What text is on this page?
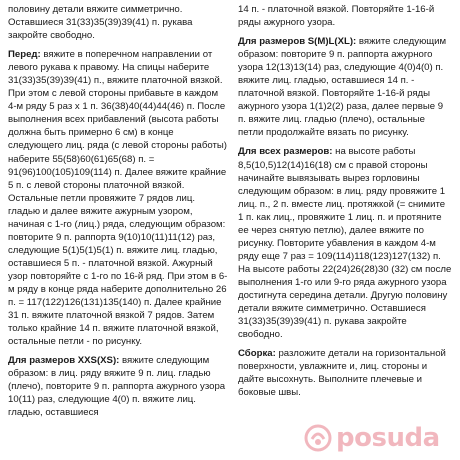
половину детали вяжите симметрично. Оставшиеся 31(33)35(39)39(41) п. рукава закройте свободно.

Перед: вяжите в поперечном направлении от левого рукава к правому. На спицы наберите 31(33)35(39)39(41) п., вяжите платочной вязкой. При этом с левой стороны прибавьте в каждом 4-м ряду 5 раз х 1 п. 36(38)40(44)44(46) п. После выполнения всех прибавлений (высота работы должна быть примерно 6 см) в конце следующего лиц. ряда (с левой стороны работы) наберите 55(58)60(61)65(68) п. = 91(96)100(105)109(114) п. Далее вяжите крайние 5 п. с левой стороны платочной вязкой. Остальные петли провяжите 7 рядов лиц. гладью и далее вяжите ажурным узором, начиная с 1-го (лиц.) ряда, следующим образом: повторите 9 п. раппорта 9(10)10(11)11(12) раз, следующие 5(1)5(1)5(1) п. вяжите лиц. гладью, оставшиеся 5 п. - платочной вязкой. Ажурный узор повторяйте с 1-го по 16-й ряд. При этом в 6-м ряду в конце ряда наберите дополнительно 26 п. = 117(122)126(131)135(140) п. Далее крайние 31 п. вяжите платочной вязкой 7 рядов. Затем только крайние 14 п. вяжите платочной вязкой, остальные петли - по рисунку.

Для размеров XXS(XS): вяжите следующим образом: в лиц. ряду вяжите 9 п. лиц. гладью (плечо), повторите 9 п. раппорта ажурного узора 10(11) раз, следующие 4(0) п. вяжите лиц. гладью, оставшиеся

14 п. - платочной вязкой. Повторяйте 1-16-й ряды ажурного узора.

Для размеров S(M)L(XL): вяжите следующим образом: повторите 9 п. раппорта ажурного узора 12(13)13(14) раз, следующие 4(0)4(0) п. вяжите лиц. гладью, оставшиеся 14 п. - платочной вязкой. Повторяйте 1-16-й ряды ажурного узора 1(1)2(2) раза, далее первые 9 п. вяжите лиц. гладью (плечо), остальные петли продолжайте вязать по рисунку.

Для всех размеров: на высоте работы 8,5(10,5)12(14)16(18) см с правой стороны начинайте вывязывать вырез горловины следующим образом: в лиц. ряду провяжите 1 лиц. п., 2 п. вместе лиц. протяжкой (= снимите 1 п. как лиц., провяжите 1 лиц. п. и протяните ее через снятую петлю), далее вяжите по рисунку. Повторите убавления в каждом 4-м ряду еще 7 раз = 109(114)118(123)127(132) п. На высоте работы 22(24)26(28)30 (32) см после выполнения 1-го или 9-го ряда ажурного узора достигнута середина детали. Другую половину детали вяжите симметрично. Оставшиеся 31(33)35(39)39(41) п. рукава закройте свободно.

Сборка: разложите детали на горизонтальной поверхности, увлажните и, лиц. стороны и дайте высохнуть. Выполните плечевые и боковые швы.

posuda
